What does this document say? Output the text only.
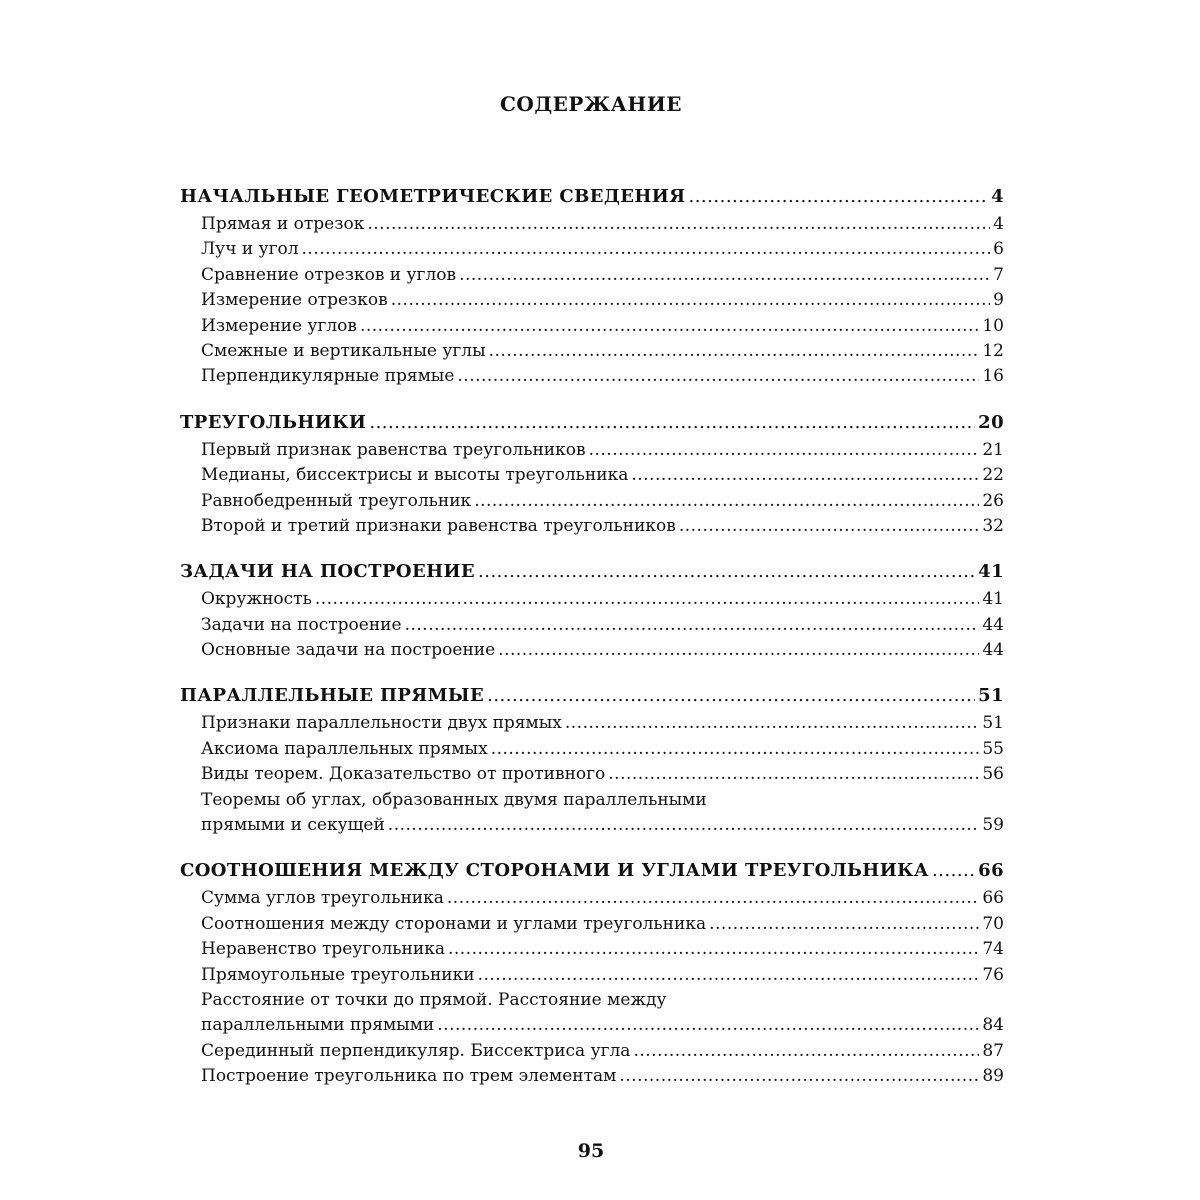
СОДЕРЖАНИЕ
НАЧАЛЬНЫЕ ГЕОМЕТРИЧЕСКИЕ СВЕДЕНИЯ .....	4
Прямая и отрезок .....	4
Луч и угол .....	6
Сравнение отрезков и углов .....	7
Измерение отрезков .....	9
Измерение углов .....	10
Смежные и вертикальные углы .....	12
Перпендикулярные прямые .....	16
ТРЕУГОЛЬНИКИ .....	20
Первый признак равенства треугольников .....	21
Медианы, биссектрисы и высоты треугольника .....	22
Равнобедренный треугольник .....	26
Второй и третий признаки равенства треугольников .....	32
ЗАДАЧИ НА ПОСТРОЕНИЕ .....	41
Окружность .....	41
Задачи на построение .....	44
Основные задачи на построение .....	44
ПАРАЛЛЕЛЬНЫЕ ПРЯМЫЕ .....	51
Признаки параллельности двух прямых .....	51
Аксиома параллельных прямых .....	55
Виды теорем. Доказательство от противного .....	56
Теоремы об углах, образованных двумя параллельными
прямыми и секущей .....	59
СООТНОШЕНИЯ МЕЖДУ СТОРОНАМИ И УГЛАМИ ТРЕУГОЛЬНИКА .....	66
Сумма углов треугольника .....	66
Соотношения между сторонами и углами треугольника .....	70
Неравенство треугольника .....	74
Прямоугольные треугольники .....	76
Расстояние от точки до прямой. Расстояние между
параллельными прямыми .....	84
Серединный перпендикуляр. Биссектриса угла .....	87
Построение треугольника по трем элементам .....	89
95
